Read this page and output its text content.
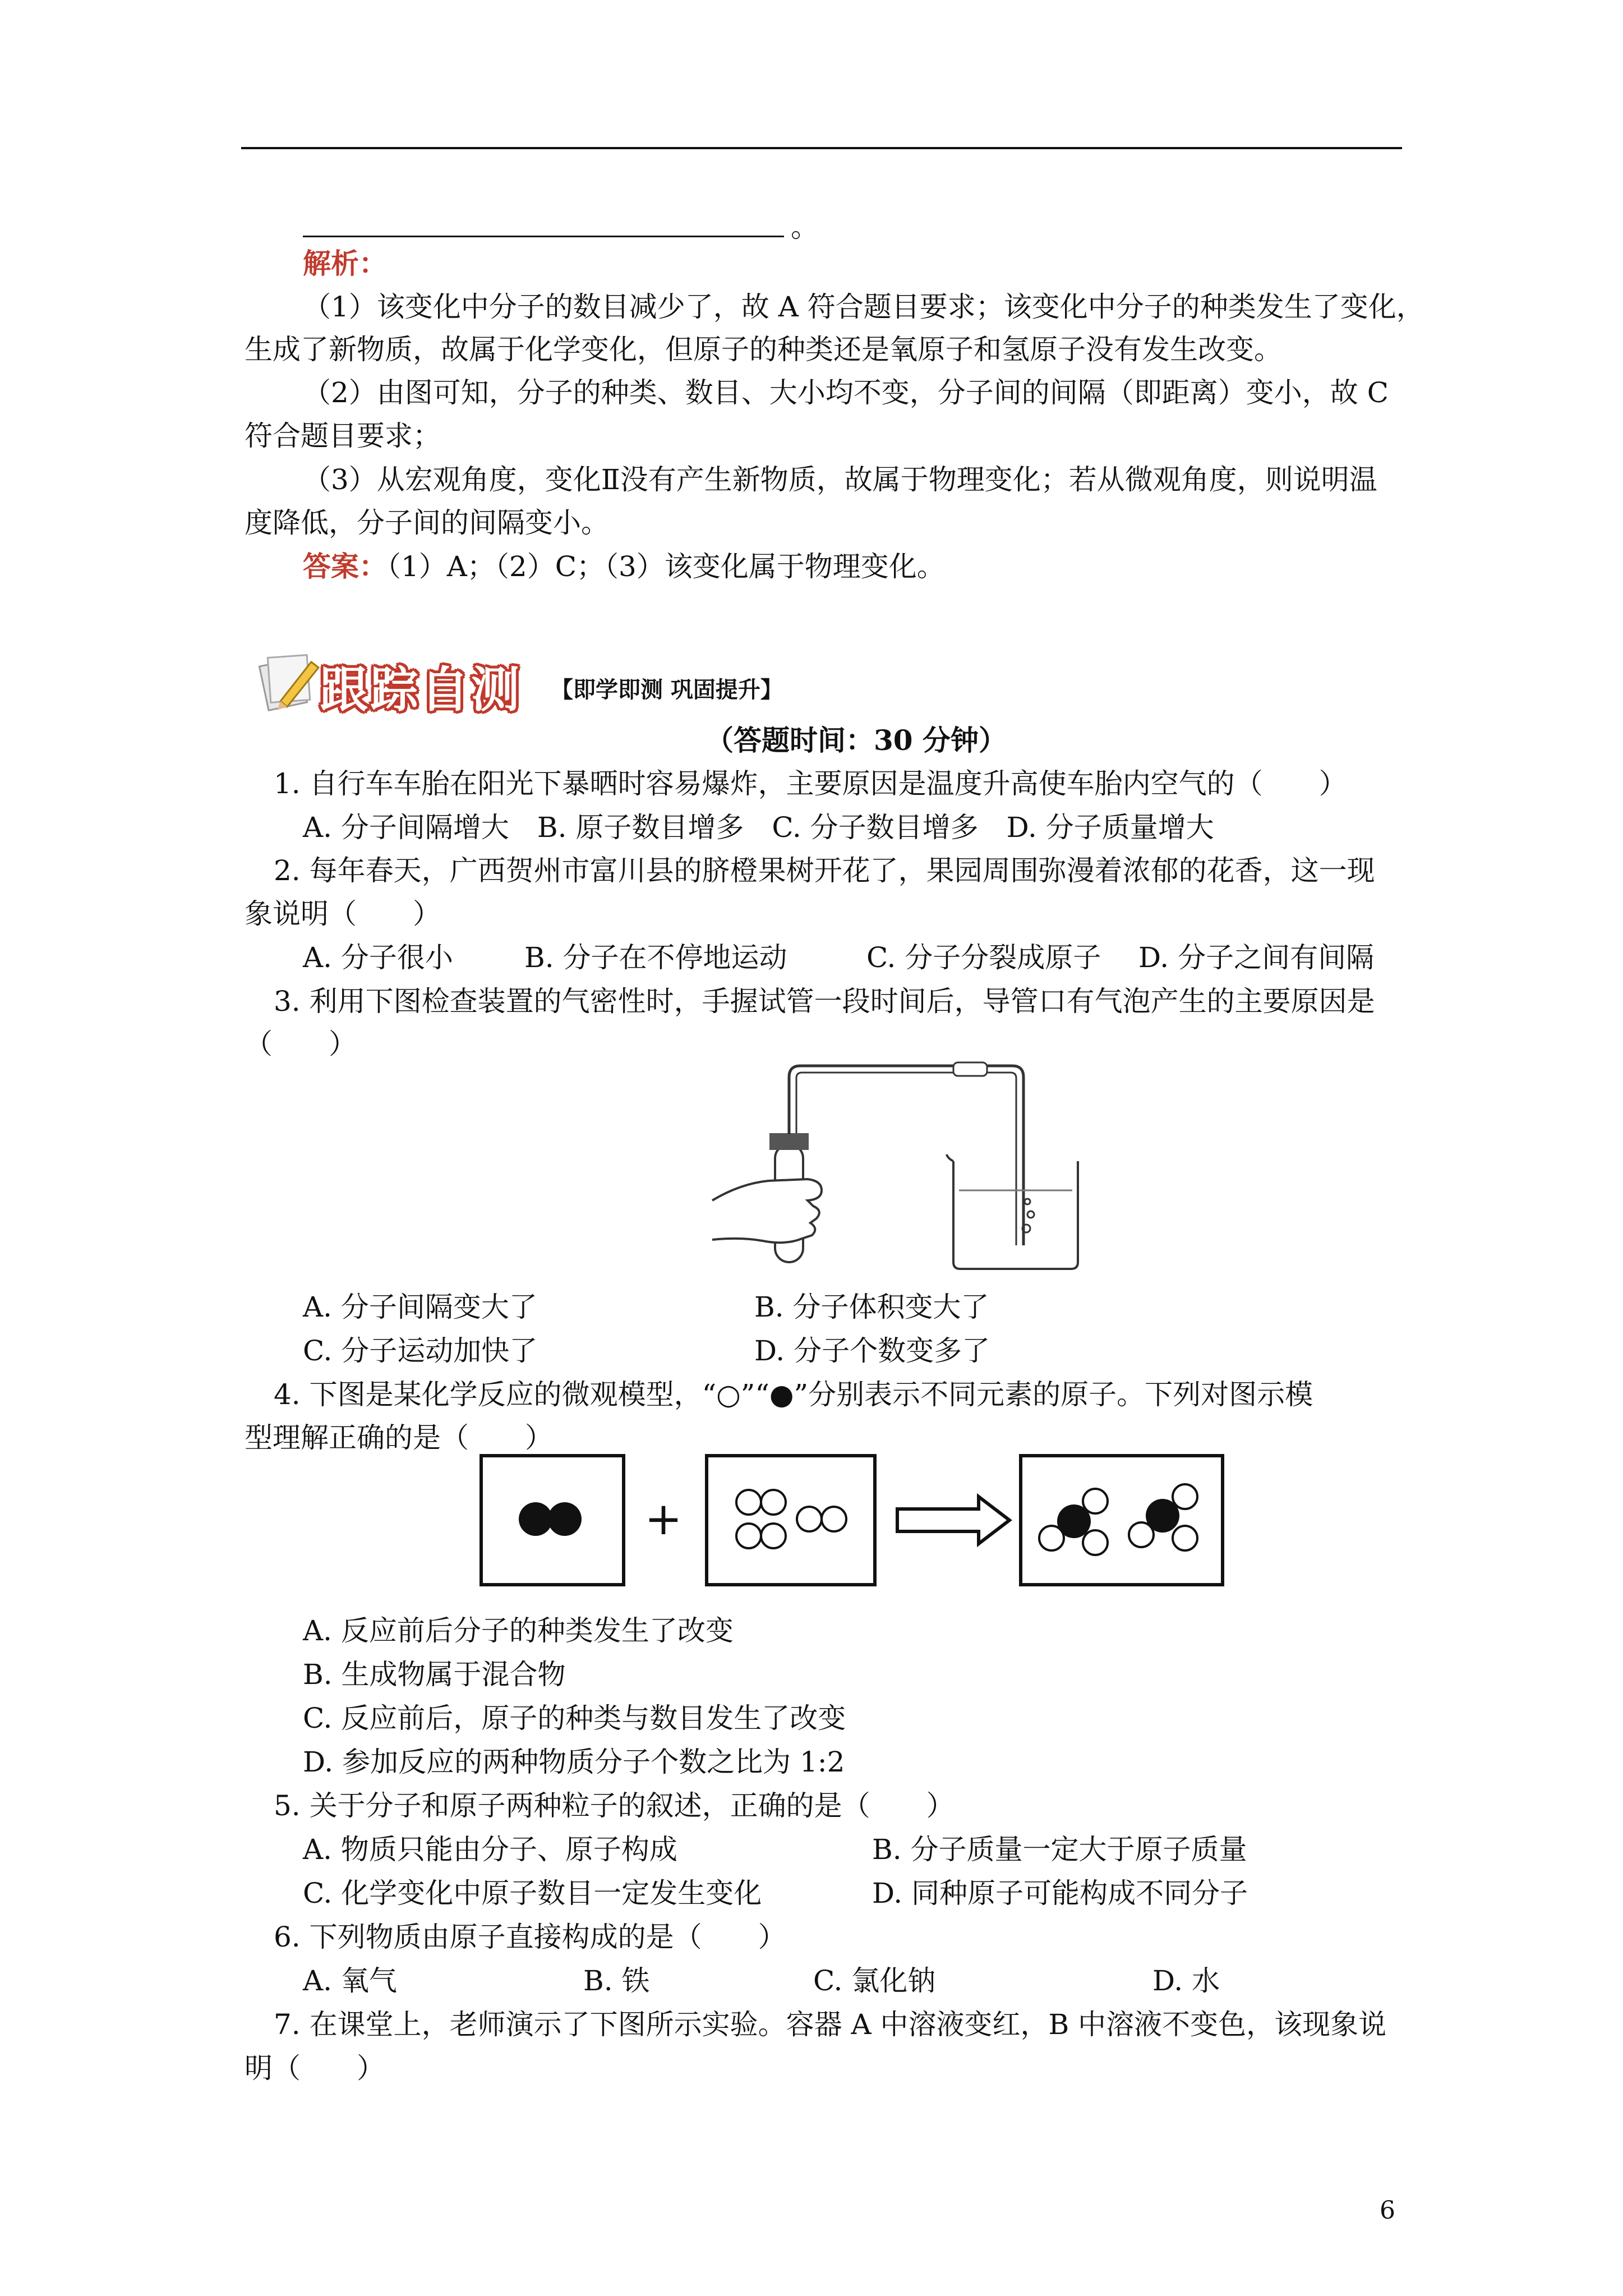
。
解析：
（1）该变化中分子的数目减少了，故 A 符合题目要求；该变化中分子的种类发生了变化，
生成了新物质，故属于化学变化，但原子的种类还是氧原子和氢原子没有发生改变。
（2）由图可知，分子的种类、数目、大小均不变，分子间的间隔（即距离）变小，故 C
符合题目要求；
（3）从宏观角度，变化Ⅱ没有产生新物质，故属于物理变化；若从微观角度，则说明温
度降低，分子间的间隔变小。
答案：（1）A；（2）C；（3）该变化属于物理变化。
跟踪自测 【即学即测 巩固提升】
（答题时间：30 分钟）
1. 自行车车胎在阳光下暴晒时容易爆炸，主要原因是温度升高使车胎内空气的（　　）
A. 分子间隔增大　B. 原子数目增多　C. 分子数目增多　D. 分子质量增大
2. 每年春天，广西贺州市富川县的脐橙果树开花了，果园周围弥漫着浓郁的花香，这一现
象说明（　　）
A. 分子很小	B. 分子在不停地运动	C. 分子分裂成原子 D. 分子之间有间隔
3. 利用下图检查装置的气密性时，手握试管一段时间后，导管口有气泡产生的主要原因是
（　　）
A. 分子间隔变大了	B. 分子体积变大了
C. 分子运动加快了	D. 分子个数变多了
4. 下图是某化学反应的微观模型，“○”“●”分别表示不同元素的原子。下列对图示模
型理解正确的是（　　）
+
A. 反应前后分子的种类发生了改变
B. 生成物属于混合物
C. 反应前后，原子的种类与数目发生了改变
D. 参加反应的两种物质分子个数之比为 1:2
5. 关于分子和原子两种粒子的叙述，正确的是（　　）
A. 物质只能由分子、原子构成	B. 分子质量一定大于原子质量
C. 化学变化中原子数目一定发生变化	D. 同种原子可能构成不同分子
6. 下列物质由原子直接构成的是（　　）
A. 氧气	B. 铁	C. 氯化钠	D. 水
7. 在课堂上，老师演示了下图所示实验。容器 A 中溶液变红，B 中溶液不变色，该现象说
明（　　）
6
